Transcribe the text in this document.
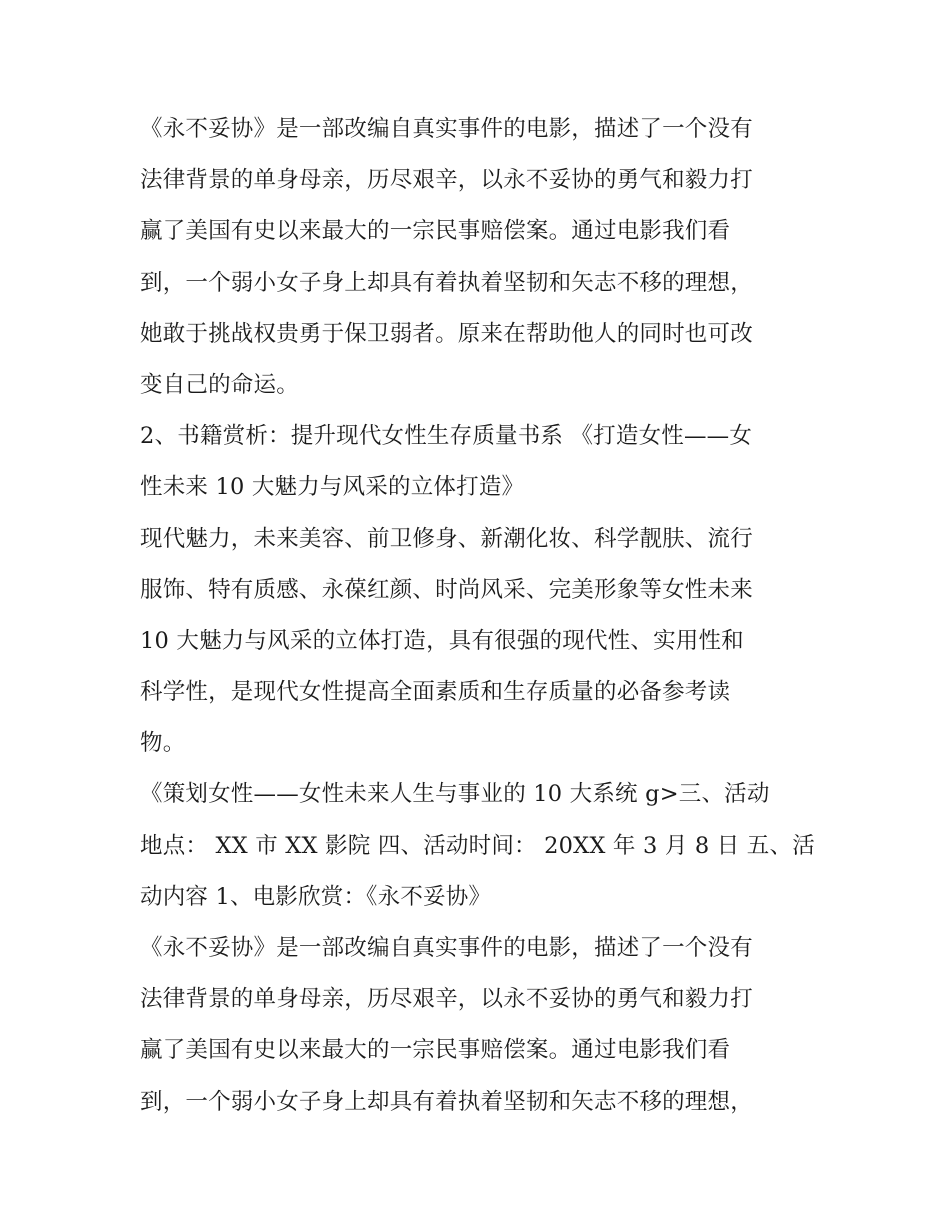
《永不妥协》是一部改编自真实事件的电影，描述了一个没有
法律背景的单身母亲，历尽艰辛，以永不妥协的勇气和毅力打
赢了美国有史以来最大的一宗民事赔偿案。通过电影我们看
到，一个弱小女子身上却具有着执着坚韧和矢志不移的理想，
她敢于挑战权贵勇于保卫弱者。原来在帮助他人的同时也可改
变自己的命运。
2、书籍赏析：提升现代女性生存质量书系 《打造女性——女
性未来 10 大魅力与风采的立体打造》
现代魅力，未来美容、前卫修身、新潮化妆、科学靓肤、流行
服饰、特有质感、永葆红颜、时尚风采、完美形象等女性未来
10 大魅力与风采的立体打造，具有很强的现代性、实用性和
科学性，是现代女性提高全面素质和生存质量的必备参考读
物。
《策划女性——女性未来人生与事业的 10 大系统 g>三、活动
地点： XX 市 XX 影院 四、活动时间： 20XX 年 3 月 8 日 五、活
动内容 1、电影欣赏：《永不妥协》
《永不妥协》是一部改编自真实事件的电影，描述了一个没有
法律背景的单身母亲，历尽艰辛，以永不妥协的勇气和毅力打
赢了美国有史以来最大的一宗民事赔偿案。通过电影我们看
到，一个弱小女子身上却具有着执着坚韧和矢志不移的理想，
